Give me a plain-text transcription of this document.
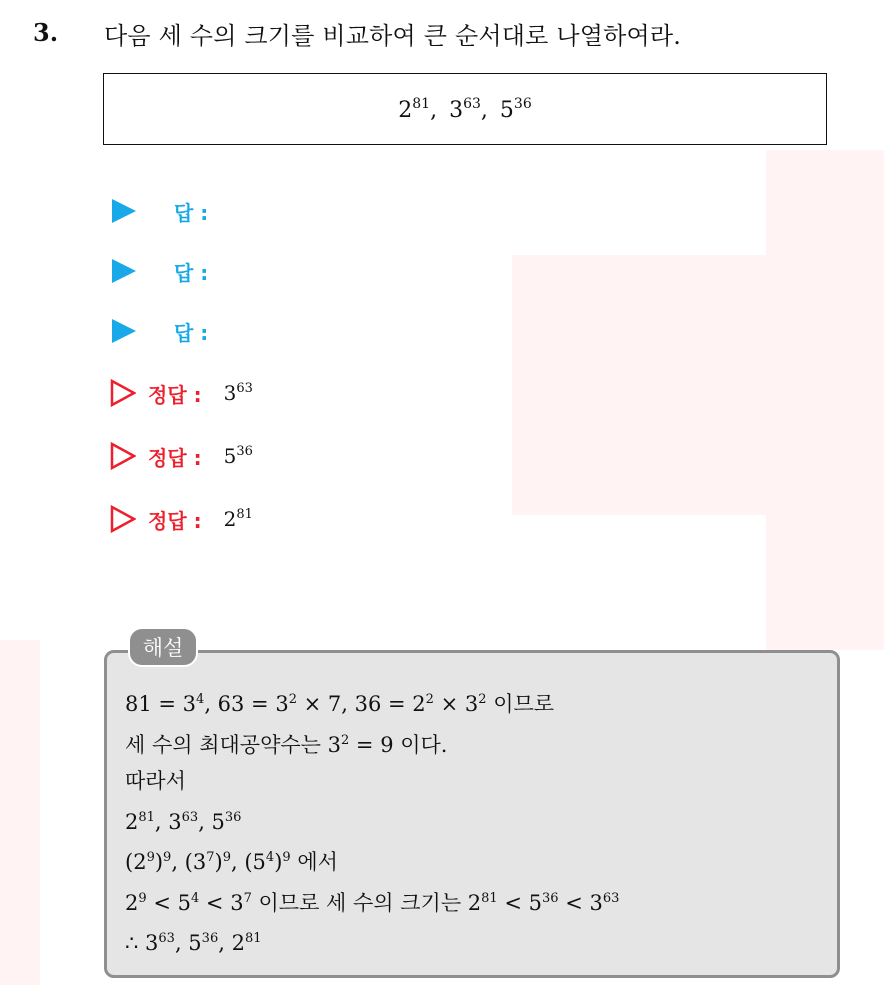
3. 다음 세 수의 크기를 비교하여 큰 순서대로 나열하여라.
$2^{81}$ , $3^{63}$ , $5^{36}$
답 :
답 :
답 :
정답 : $3^{63}$
정답 : $5^{36}$
정답 : $2^{81}$
해설
$81 = 3^4$, $63 = 3^2 \times 7$, $36 = 2^2 \times 3^2$ 이므로
세 수의 최대공약수는 $3^2 = 9$ 이다.
따라서
$2^{81}$, $3^{63}$, $5^{36}$
$(2^9)^9$, $(3^7)^9$, $(5^4)^9$ 에서
$2^9 < 5^4 < 3^7$ 이므로 세 수의 크기는 $2^{81} < 5^{36} < 3^{63}$
∴ $3^{63}$, $5^{36}$, $2^{81}$
